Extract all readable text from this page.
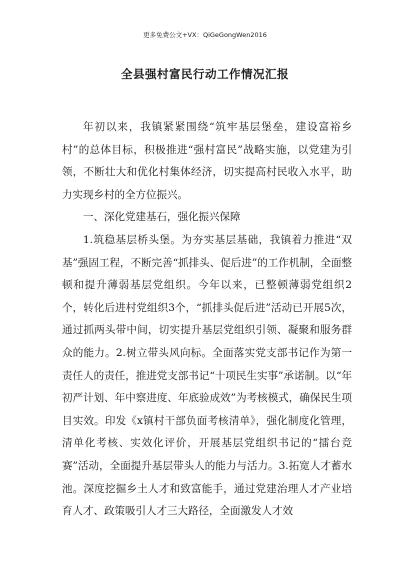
更多免费公文+VX：QiGeGongWen2016
全县强村富民行动工作情况汇报

年初以来，我镇紧紧围绕“筑牢基层堡垒，建设富裕乡村”的总体目标，积极推进“强村富民”战略实施，以党建为引领，不断壮大和优化村集体经济，切实提高村民收入水平，助力实现乡村的全方位振兴。

一、深化党建基石，强化振兴保障

1.筑稳基层桥头堡。为夯实基层基础，我镇着力推进“双基”强固工程，不断完善“抓排头、促后进”的工作机制，全面整顿和提升薄弱基层党组织。今年以来，已整顿薄弱党组织2个，转化后进村党组织3个，“抓排头促后进”活动已开展5次，通过抓两头带中间，切实提升基层党组织引领、凝聚和服务群众的能力。2.树立带头风向标。全面落实党支部书记作为第一责任人的责任，推进党支部书记“十项民生实事”承诺制。以“年初严计划、年中察进度、年底验成效”为考核模式，确保民生项目实效。印发《x镇村干部负面考核清单》，强化制度化管理，清单化考核、实效化评价，开展基层党组织书记的“擂台竞赛”活动，全面提升基层带头人的能力与活力。3.拓宽人才蓄水池。深度挖掘乡土人才和致富能手，通过党建治理人才产业培育人才、政策吸引人才三大路径，全面激发人才效
